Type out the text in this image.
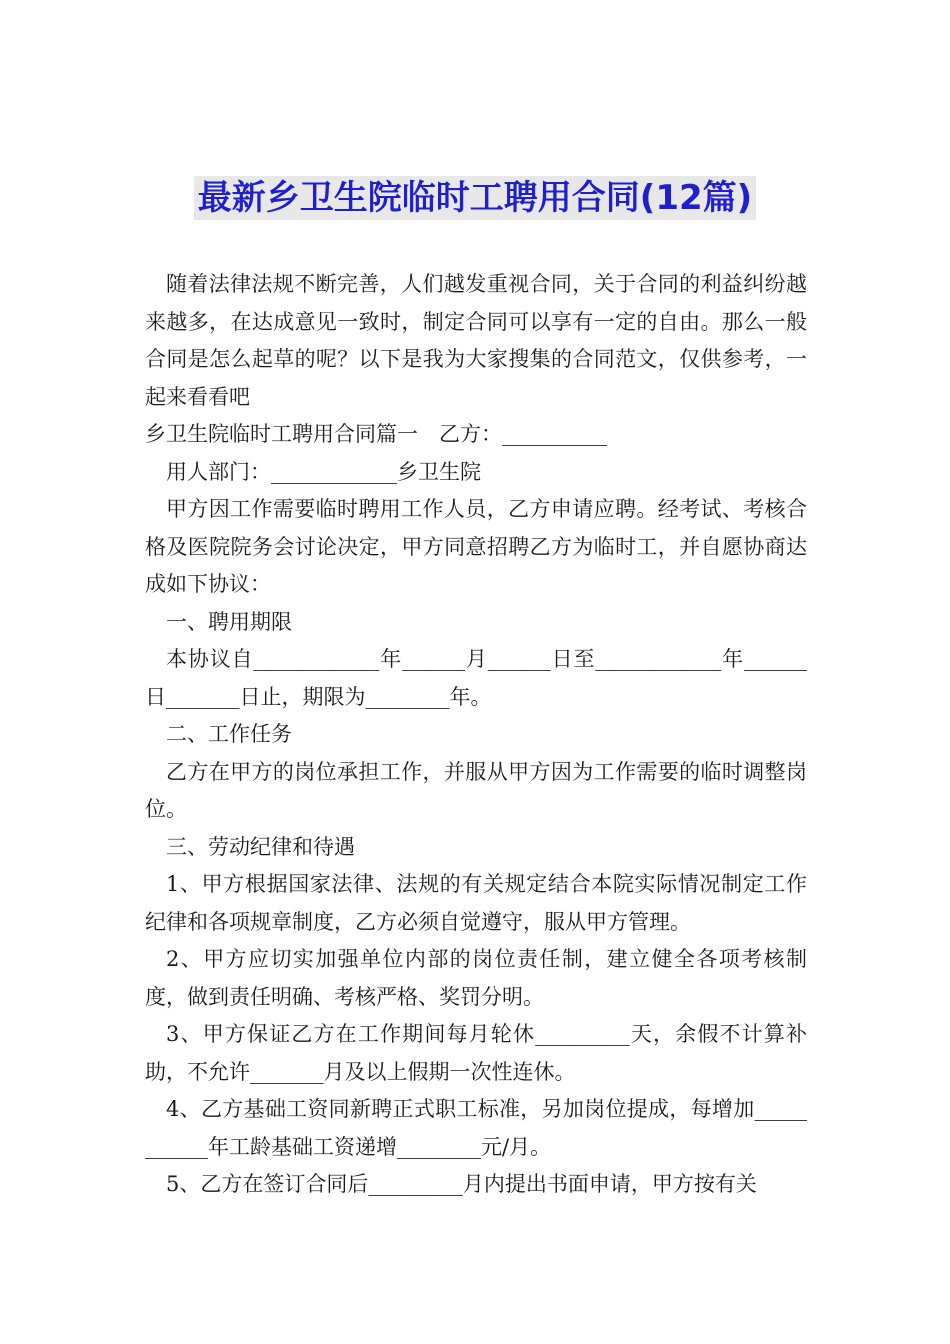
最新乡卫生院临时工聘用合同(12篇)

随着法律法规不断完善，人们越发重视合同，关于合同的利益纠纷越来越多，在达成意见一致时，制定合同可以享有一定的自由。那么一般合同是怎么起草的呢？以下是我为大家搜集的合同范文，仅供参考，一起来看看吧

乡卫生院临时工聘用合同篇一　乙方：__________

用人部门：____________乡卫生院

甲方因工作需要临时聘用工作人员，乙方申请应聘。经考试、考核合格及医院院务会讨论决定，甲方同意招聘乙方为临时工，并自愿协商达成如下协议：

一、聘用期限

本协议自____________年______月______日至____________年______日_______日止，期限为________年。

二、工作任务

乙方在甲方的岗位承担工作，并服从甲方因为工作需要的临时调整岗位。

三、劳动纪律和待遇

1、甲方根据国家法律、法规的有关规定结合本院实际情况制定工作纪律和各项规章制度，乙方必须自觉遵守，服从甲方管理。

2、甲方应切实加强单位内部的岗位责任制，建立健全各项考核制度，做到责任明确、考核严格、奖罚分明。

3、甲方保证乙方在工作期间每月轮休_________天，余假不计算补助，不允许_______月及以上假期一次性连休。

4、乙方基础工资同新聘正式职工标准，另加岗位提成，每增加___________年工龄基础工资递增________元/月。

5、乙方在签订合同后_________月内提出书面申请，甲方按有关
